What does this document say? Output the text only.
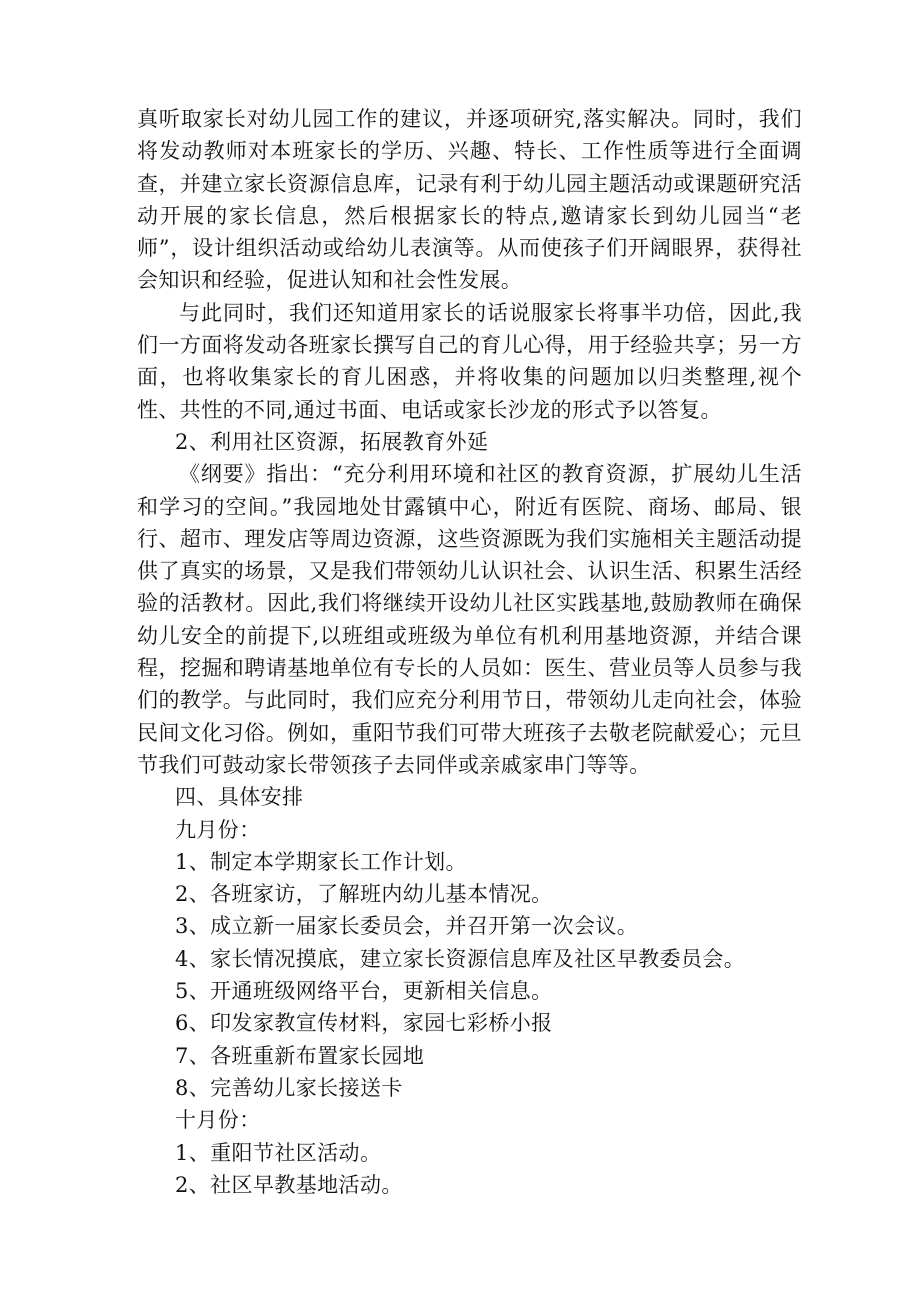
真听取家长对幼儿园工作的建议，并逐项研究,落实解决。同时，我们将发动教师对本班家长的学历、兴趣、特长、工作性质等进行全面调查，并建立家长资源信息库，记录有利于幼儿园主题活动或课题研究活动开展的家长信息，然后根据家长的特点,邀请家长到幼儿园当“老师”，设计组织活动或给幼儿表演等。从而使孩子们开阔眼界，获得社会知识和经验，促进认知和社会性发展。

与此同时，我们还知道用家长的话说服家长将事半功倍，因此,我们一方面将发动各班家长撰写自己的育儿心得，用于经验共享；另一方面，也将收集家长的育儿困惑，并将收集的问题加以归类整理,视个性、共性的不同,通过书面、电话或家长沙龙的形式予以答复。

2、利用社区资源，拓展教育外延

《纲要》指出：“充分利用环境和社区的教育资源，扩展幼儿生活和学习的空间。”我园地处甘露镇中心，附近有医院、商场、邮局、银行、超市、理发店等周边资源，这些资源既为我们实施相关主题活动提供了真实的场景，又是我们带领幼儿认识社会、认识生活、积累生活经验的活教材。因此,我们将继续开设幼儿社区实践基地,鼓励教师在确保幼儿安全的前提下,以班组或班级为单位有机利用基地资源，并结合课程，挖掘和聘请基地单位有专长的人员如：医生、营业员等人员参与我们的教学。与此同时，我们应充分利用节日，带领幼儿走向社会，体验民间文化习俗。例如，重阳节我们可带大班孩子去敬老院献爱心；元旦节我们可鼓动家长带领孩子去同伴或亲戚家串门等等。

四、具体安排

九月份：

1、制定本学期家长工作计划。

2、各班家访，了解班内幼儿基本情况。

3、成立新一届家长委员会，并召开第一次会议。

4、家长情况摸底，建立家长资源信息库及社区早教委员会。

5、开通班级网络平台，更新相关信息。

6、印发家教宣传材料，家园七彩桥小报

7、各班重新布置家长园地

8、完善幼儿家长接送卡

十月份：

1、重阳节社区活动。

2、社区早教基地活动。
